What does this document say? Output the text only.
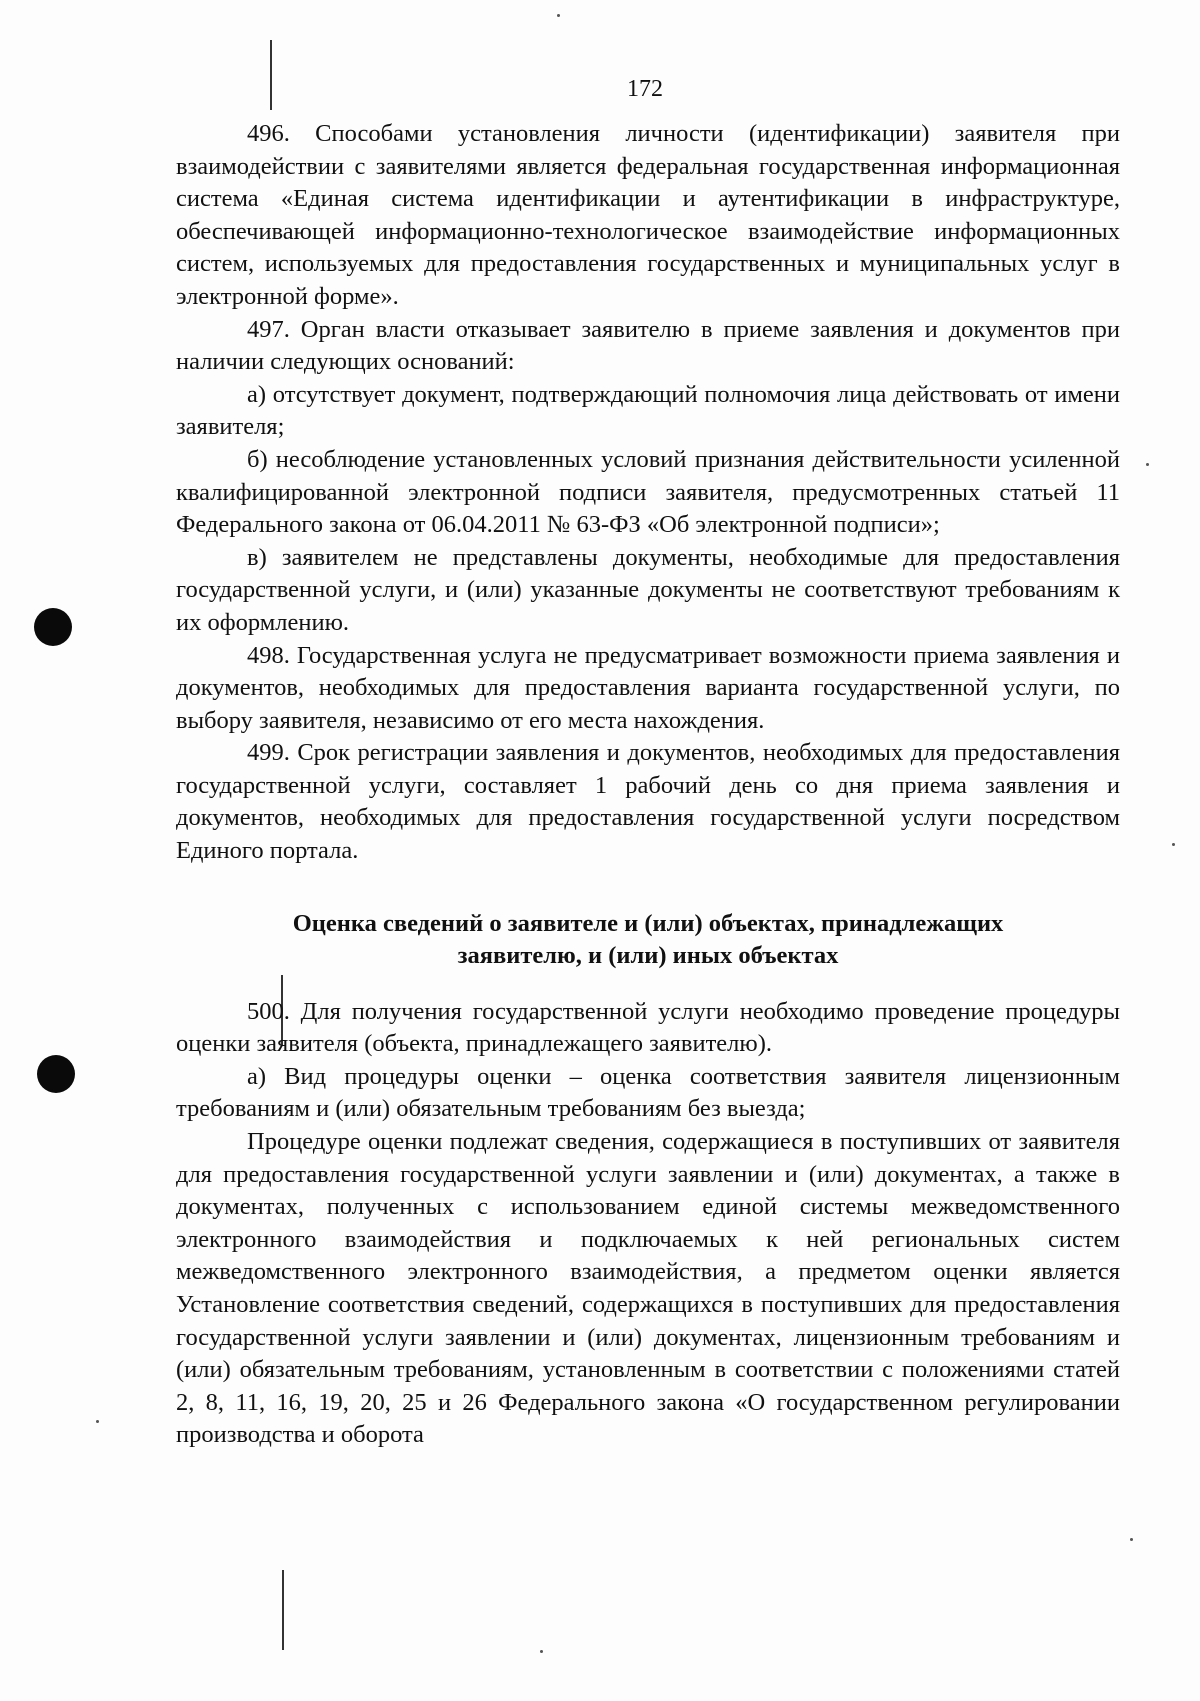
172

496. Способами установления личности (идентификации) заявителя при взаимодействии с заявителями является федеральная государственная информационная система «Единая система идентификации и аутентификации в инфраструктуре, обеспечивающей информационно-технологическое взаимодействие информационных систем, используемых для предоставления государственных и муниципальных услуг в электронной форме».

497. Орган власти отказывает заявителю в приеме заявления и документов при наличии следующих оснований:

а) отсутствует документ, подтверждающий полномочия лица действовать от имени заявителя;

б) несоблюдение установленных условий признания действительности усиленной квалифицированной электронной подписи заявителя, предусмотренных статьей 11 Федерального закона от 06.04.2011 № 63-ФЗ «Об электронной подписи»;

в) заявителем не представлены документы, необходимые для предоставления государственной услуги, и (или) указанные документы не соответствуют требованиям к их оформлению.

498. Государственная услуга не предусматривает возможности приема заявления и документов, необходимых для предоставления варианта государственной услуги, по выбору заявителя, независимо от его места нахождения.

499. Срок регистрации заявления и документов, необходимых для предоставления государственной услуги, составляет 1 рабочий день со дня приема заявления и документов, необходимых для предоставления государственной услуги посредством Единого портала.

Оценка сведений о заявителе и (или) объектах, принадлежащих
заявителю, и (или) иных объектах

500. Для получения государственной услуги необходимо проведение процедуры оценки заявителя (объекта, принадлежащего заявителю).

а) Вид процедуры оценки – оценка соответствия заявителя лицензионным требованиям и (или) обязательным требованиям без выезда;

Процедуре оценки подлежат сведения, содержащиеся в поступивших от заявителя для предоставления государственной услуги заявлении и (или) документах, а также в документах, полученных с использованием единой системы межведомственного электронного взаимодействия и подключаемых к ней региональных систем межведомственного электронного взаимодействия, а предметом оценки является Установление соответствия сведений, содержащихся в поступивших для предоставления государственной услуги заявлении и (или) документах, лицензионным требованиям и (или) обязательным требованиям, установленным в соответствии с положениями статей 2, 8, 11, 16, 19, 20, 25 и 26 Федерального закона «О государственном регулировании производства и оборота
